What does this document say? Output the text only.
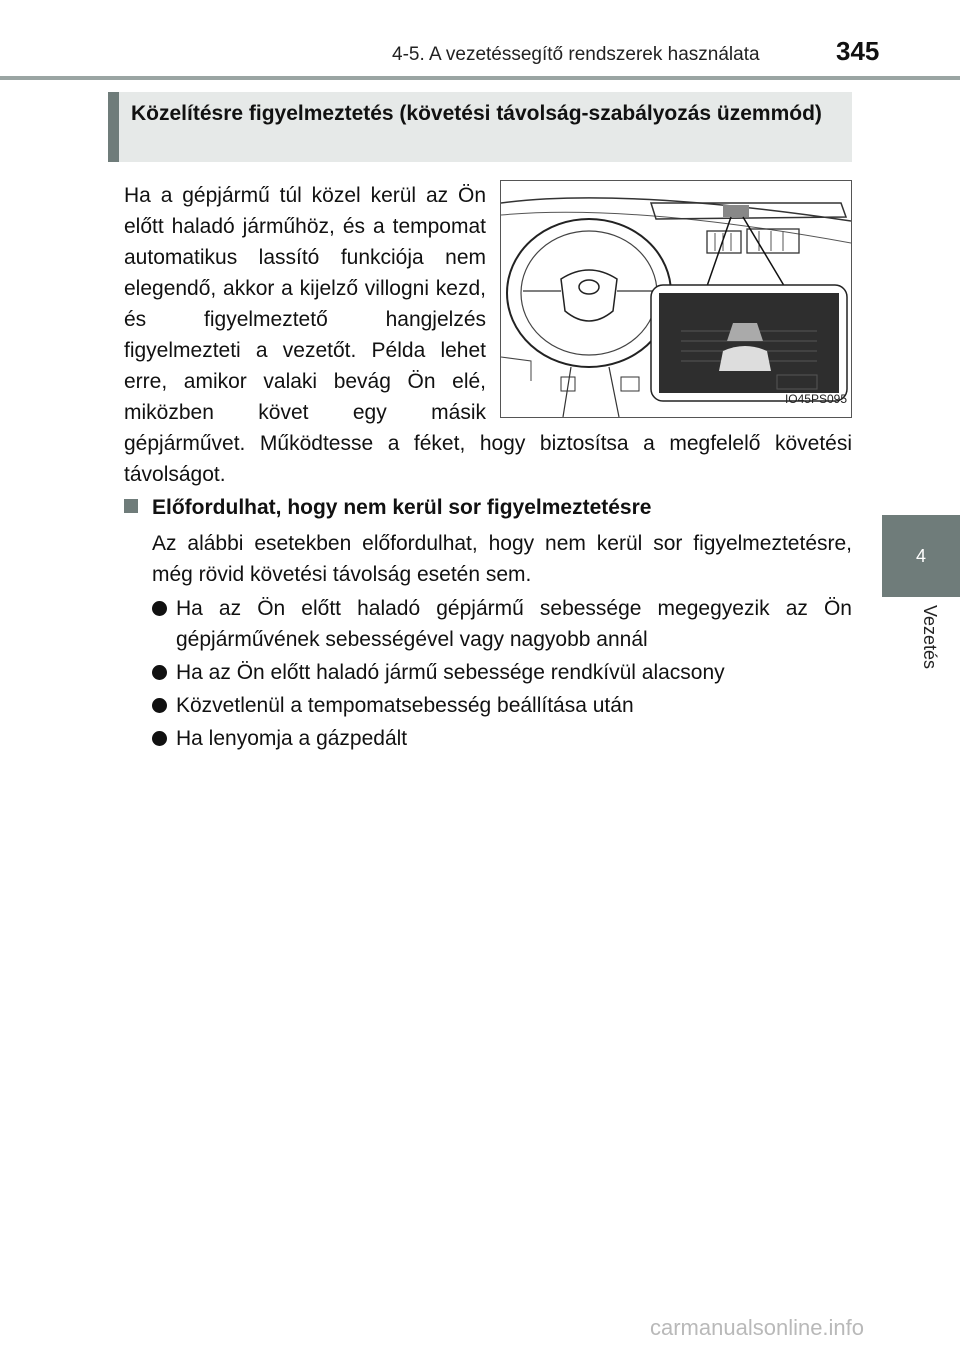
4-5. A vezetéssegítő rendszerek használata	345
4
Vezetés
Közelítésre figyelmeztetés (követési távolság-szabályozás üzemmód)
IO45PS095
Ha a gépjármű túl közel kerül az Ön előtt haladó járműhöz, és a tempomat automatikus lassító funkciója nem elegendő, akkor a kijelző villogni kezd, és figyelmeztető hangjelzés figyelmezteti a vezetőt. Példa lehet erre, amikor valaki bevág Ön elé, miközben követ egy másik gépjárművet. Működtesse a féket, hogy biztosítsa a megfelelő követési távolságot.
Előfordulhat, hogy nem kerül sor figyelmeztetésre
Az alábbi esetekben előfordulhat, hogy nem kerül sor figyelmeztetésre, még rövid követési távolság esetén sem.
Ha az Ön előtt haladó gépjármű sebessége megegyezik az Ön gépjárművének sebességével vagy nagyobb annál
Ha az Ön előtt haladó jármű sebessége rendkívül alacsony
Közvetlenül a tempomatsebesség beállítása után
Ha lenyomja a gázpedált
carmanualsonline.info
